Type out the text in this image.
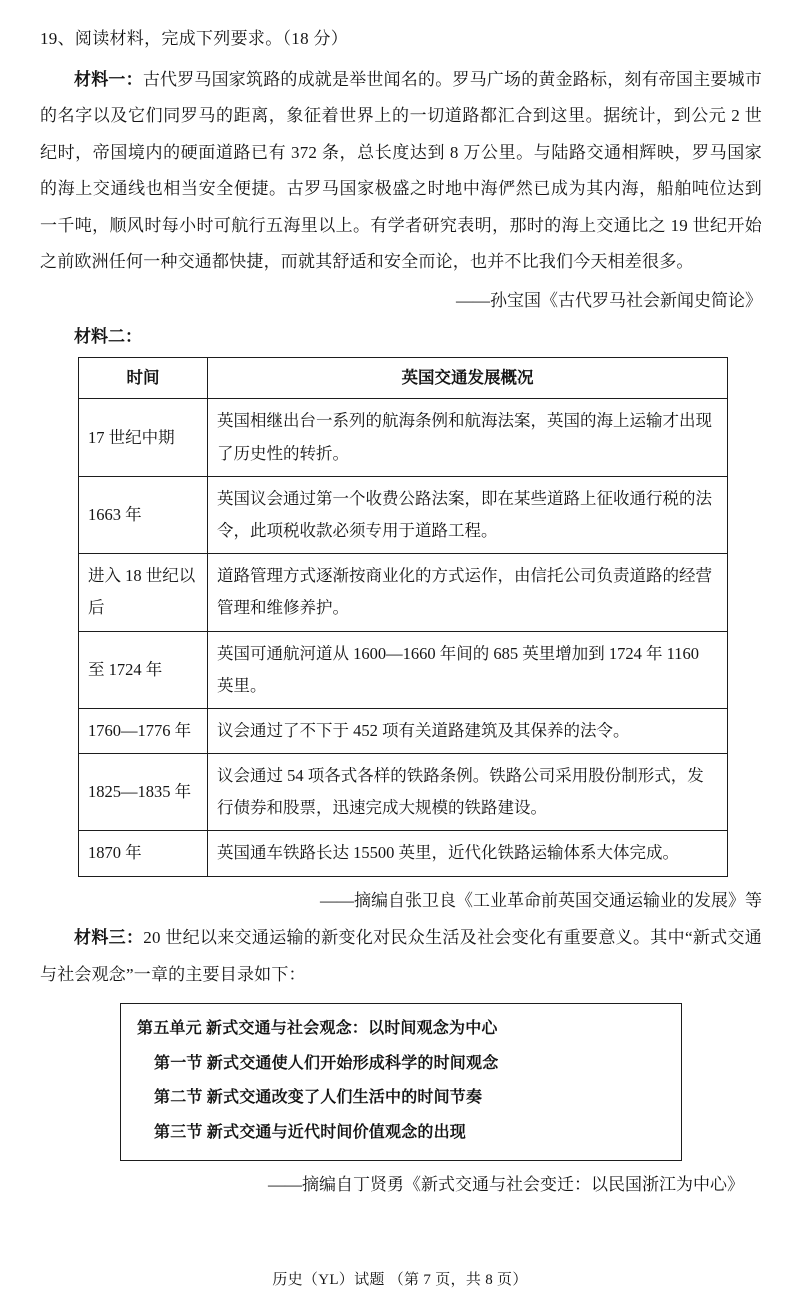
19、阅读材料，完成下列要求。（18 分）

材料一：古代罗马国家筑路的成就是举世闻名的。罗马广场的黄金路标，刻有帝国主要城市的名字以及它们同罗马的距离，象征着世界上的一切道路都汇合到这里。据统计，到公元 2 世纪时，帝国境内的硬面道路已有 372 条，总长度达到 8 万公里。与陆路交通相辉映，罗马国家的海上交通线也相当安全便捷。古罗马国家极盛之时地中海俨然已成为其内海，船舶吨位达到一千吨，顺风时每小时可航行五海里以上。有学者研究表明，那时的海上交通比之 19 世纪开始之前欧洲任何一种交通都快捷，而就其舒适和安全而论，也并不比我们今天相差很多。

——孙宝国《古代罗马社会新闻史简论》

材料二：

时间	英国交通发展概况
17 世纪中期	英国相继出台一系列的航海条例和航海法案，英国的海上运输才出现了历史性的转折。
1663 年	英国议会通过第一个收费公路法案，即在某些道路上征收通行税的法令，此项税收款必须专用于道路工程。
进入 18 世纪以后	道路管理方式逐渐按商业化的方式运作，由信托公司负责道路的经营管理和维修养护。
至 1724 年	英国可通航河道从 1600—1660 年间的 685 英里增加到 1724 年 1160 英里。
1760—1776 年	议会通过了不下于 452 项有关道路建筑及其保养的法令。
1825—1835 年	议会通过 54 项各式各样的铁路条例。铁路公司采用股份制形式，发行债券和股票，迅速完成大规模的铁路建设。
1870 年	英国通车铁路长达 15500 英里，近代化铁路运输体系大体完成。

——摘编自张卫良《工业革命前英国交通运输业的发展》等

材料三：20 世纪以来交通运输的新变化对民众生活及社会变化有重要意义。其中“新式交通与社会观念”一章的主要目录如下：

第五单元 新式交通与社会观念：以时间观念为中心

第一节 新式交通使人们开始形成科学的时间观念

第二节 新式交通改变了人们生活中的时间节奏

第三节 新式交通与近代时间价值观念的出现

——摘编自丁贤勇《新式交通与社会变迁：以民国浙江为中心》

历史（YL）试题 （第 7 页，共 8 页）
